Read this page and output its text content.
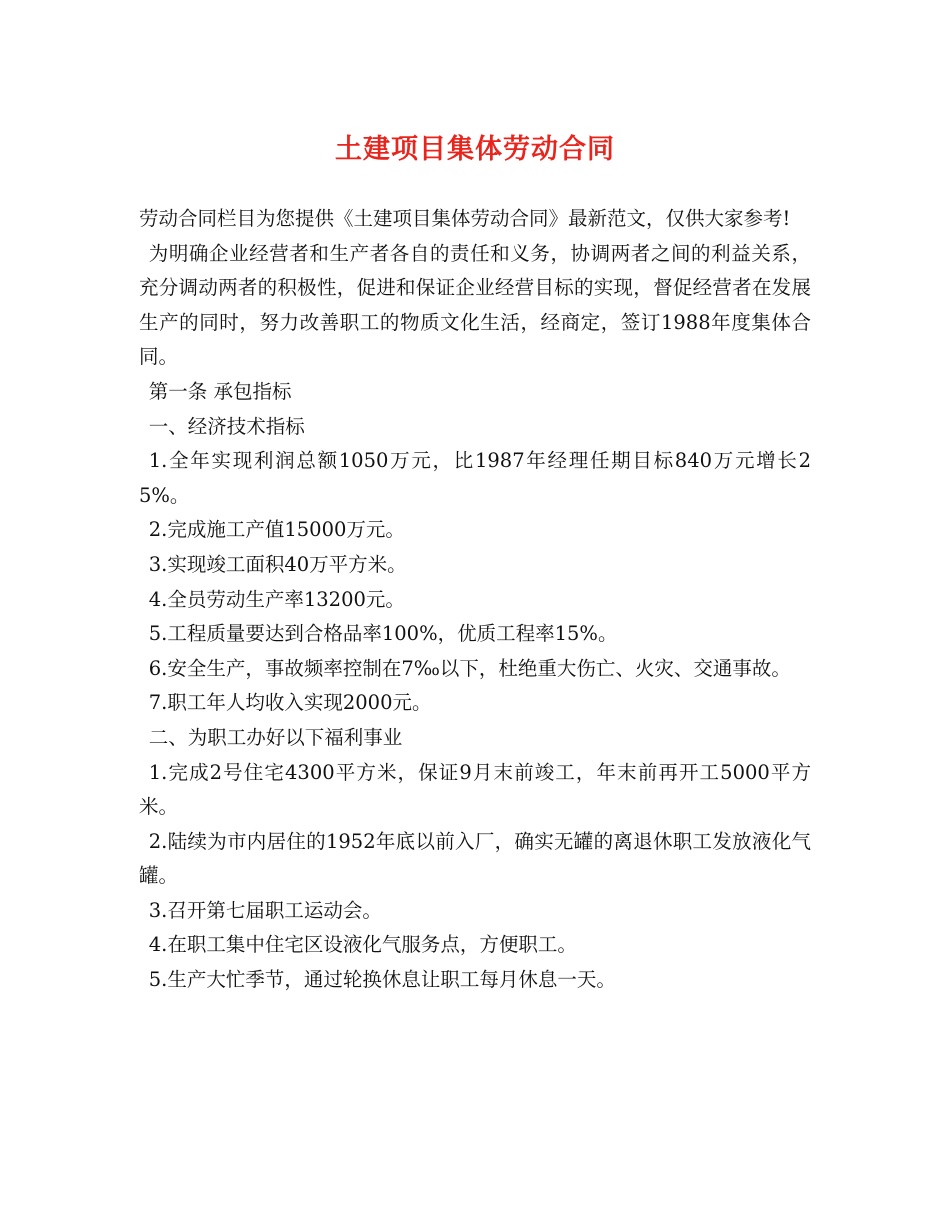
土建项目集体劳动合同

劳动合同栏目为您提供《土建项目集体劳动合同》最新范文，仅供大家参考!

为明确企业经营者和生产者各自的责任和义务，协调两者之间的利益关系，充分调动两者的积极性，促进和保证企业经营目标的实现，督促经营者在发展生产的同时，努力改善职工的物质文化生活，经商定，签订1988年度集体合同。

第一条 承包指标

一、经济技术指标

1.全年实现利润总额1050万元，比1987年经理任期目标840万元增长25%。

2.完成施工产值15000万元。

3.实现竣工面积40万平方米。

4.全员劳动生产率13200元。

5.工程质量要达到合格品率100%，优质工程率15%。

6.安全生产，事故频率控制在7‰以下，杜绝重大伤亡、火灾、交通事故。

7.职工年人均收入实现2000元。

二、为职工办好以下福利事业

1.完成2号住宅4300平方米，保证9月末前竣工，年末前再开工5000平方米。

2.陆续为市内居住的1952年底以前入厂，确实无罐的离退休职工发放液化气罐。

3.召开第七届职工运动会。

4.在职工集中住宅区设液化气服务点，方便职工。

5.生产大忙季节，通过轮换休息让职工每月休息一天。
